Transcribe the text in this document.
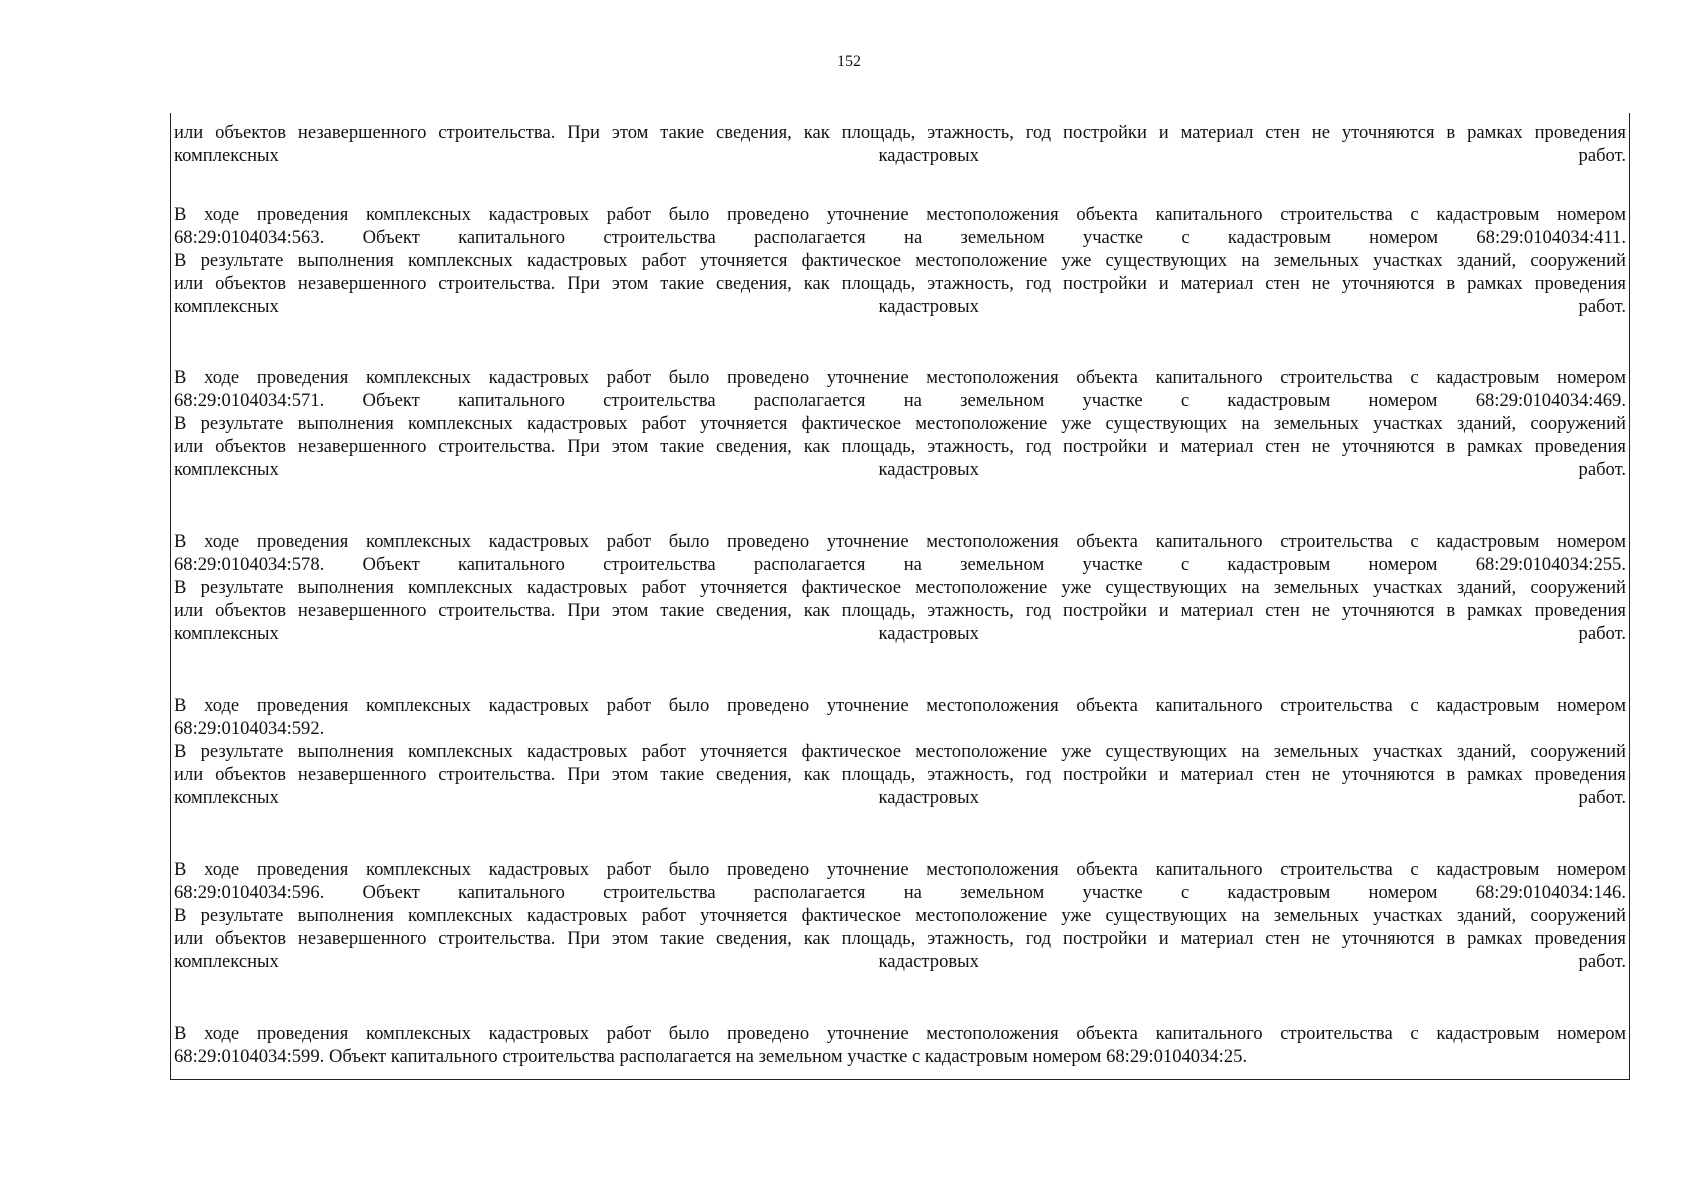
152
или объектов незавершенного строительства. При этом такие сведения, как площадь, этажность, год постройки и материал стен не уточняются в рамках проведения
комплексных кадастровых работ.
В ходе проведения комплексных кадастровых работ было проведено уточнение местоположения объекта капитального строительства с кадастровым номером
68:29:0104034:563. Объект капитального строительства располагается на земельном участке с кадастровым номером 68:29:0104034:411.
В результате выполнения комплексных кадастровых работ уточняется фактическое местоположение уже существующих на земельных участках зданий, сооружений
или объектов незавершенного строительства. При этом такие сведения, как площадь, этажность, год постройки и материал стен не уточняются в рамках проведения
комплексных кадастровых работ.
В ходе проведения комплексных кадастровых работ было проведено уточнение местоположения объекта капитального строительства с кадастровым номером
68:29:0104034:571. Объект капитального строительства располагается на земельном участке с кадастровым номером 68:29:0104034:469.
В результате выполнения комплексных кадастровых работ уточняется фактическое местоположение уже существующих на земельных участках зданий, сооружений
или объектов незавершенного строительства. При этом такие сведения, как площадь, этажность, год постройки и материал стен не уточняются в рамках проведения
комплексных кадастровых работ.
В ходе проведения комплексных кадастровых работ было проведено уточнение местоположения объекта капитального строительства с кадастровым номером
68:29:0104034:578. Объект капитального строительства располагается на земельном участке с кадастровым номером 68:29:0104034:255.
В результате выполнения комплексных кадастровых работ уточняется фактическое местоположение уже существующих на земельных участках зданий, сооружений
или объектов незавершенного строительства. При этом такие сведения, как площадь, этажность, год постройки и материал стен не уточняются в рамках проведения
комплексных кадастровых работ.
В ходе проведения комплексных кадастровых работ было проведено уточнение местоположения объекта капитального строительства с кадастровым номером
68:29:0104034:592.
В результате выполнения комплексных кадастровых работ уточняется фактическое местоположение уже существующих на земельных участках зданий, сооружений
или объектов незавершенного строительства. При этом такие сведения, как площадь, этажность, год постройки и материал стен не уточняются в рамках проведения
комплексных кадастровых работ.
В ходе проведения комплексных кадастровых работ было проведено уточнение местоположения объекта капитального строительства с кадастровым номером
68:29:0104034:596. Объект капитального строительства располагается на земельном участке с кадастровым номером 68:29:0104034:146.
В результате выполнения комплексных кадастровых работ уточняется фактическое местоположение уже существующих на земельных участках зданий, сооружений
или объектов незавершенного строительства. При этом такие сведения, как площадь, этажность, год постройки и материал стен не уточняются в рамках проведения
комплексных кадастровых работ.
В ходе проведения комплексных кадастровых работ было проведено уточнение местоположения объекта капитального строительства с кадастровым номером
68:29:0104034:599. Объект капитального строительства располагается на земельном участке с кадастровым номером 68:29:0104034:25.
